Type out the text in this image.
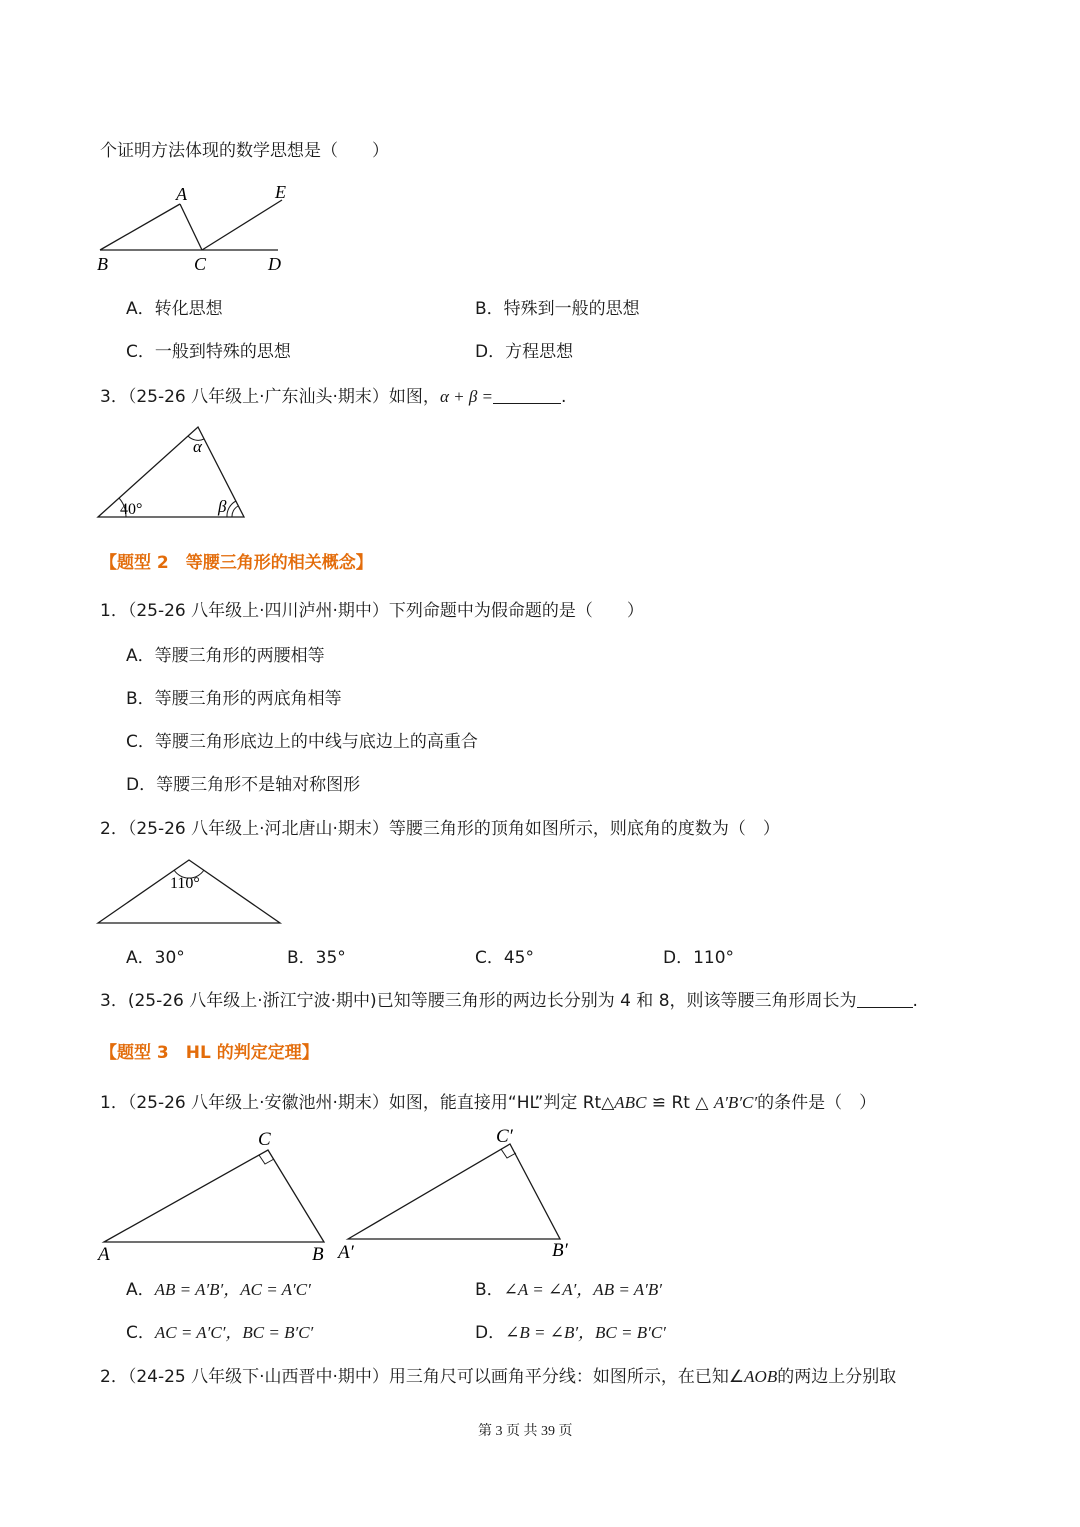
个证明方法体现的数学思想是（　　）
A	E
B	C	D
A．转化思想	B．特殊到一般的思想
C．一般到特殊的思想	D．方程思想
3．（25-26 八年级上·广东汕头·期末）如图，α + β =	.
α
40°	β
【题型 2　等腰三角形的相关概念】
1．（25-26 八年级上·四川泸州·期中）下列命题中为假命题的是（　　）
A．等腰三角形的两腰相等
B．等腰三角形的两底角相等
C．等腰三角形底边上的中线与底边上的高重合
D．等腰三角形不是轴对称图形
2．（25-26 八年级上·河北唐山·期末）等腰三角形的顶角如图所示，则底角的度数为（　）
110°
A．30°	B．35°	C．45°	D．110°
3．(25-26 八年级上·浙江宁波·期中)已知等腰三角形的两边长分别为 4 和 8，则该等腰三角形周长为	.
【题型 3　HL 的判定定理】
1．（25-26 八年级上·安徽池州·期末）如图，能直接用“HL”判定 Rt△ABC ≌ Rt △ A′B′C′的条件是（　）
C
A	B
C′
A′	B′
A．AB = A′B′，AC = A′C′	B．∠A = ∠A′，AB = A′B′
C．AC = A′C′，BC = B′C′	D．∠B = ∠B′，BC = B′C′
2．（24-25 八年级下·山西晋中·期中）用三角尺可以画角平分线：如图所示，在已知∠AOB的两边上分别取
第 3 页 共 39 页
